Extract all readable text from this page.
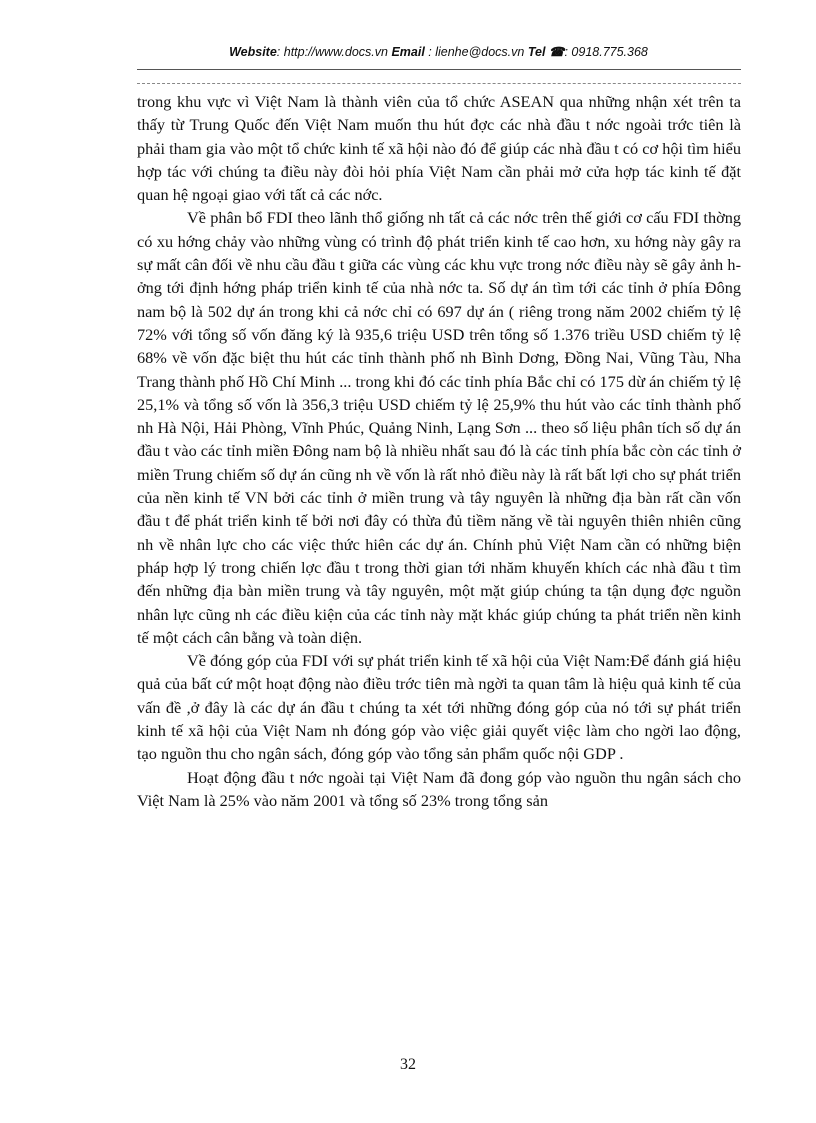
Website: http://www.docs.vn Email : lienhe@docs.vn Tel ☎: 0918.775.368

trong khu vực vì Việt Nam là thành viên của tổ chức ASEAN qua những nhận xét trên ta thấy từ Trung Quốc đến Việt Nam muốn thu hút đợc các nhà đầu t nớc ngoài trớc tiên là phải tham gia vào một tổ chức kinh tế xã hội nào đó để giúp các nhà đầu t có cơ hội tìm hiểu hợp tác với chúng ta điều này đòi hỏi phía Việt Nam cần phải mở cửa hợp tác kinh tế đặt quan hệ ngoại giao với tất cả các nớc.

Về phân bổ FDI theo lãnh thổ giống nh tất cả các nớc trên thế giới cơ cấu FDI thờng có xu hớng chảy vào những vùng có trình độ phát triển kinh tế cao hơn, xu hớng này gây ra sự mất cân đối về nhu cầu đầu t giữa các vùng các khu vực trong nớc điều này sẽ gây ảnh hởng tới định hớng pháp triển kinh tế của nhà nớc ta. Số dự án tìm tới các tỉnh ở phía Đông nam bộ là 502 dự án trong khi cả nớc chỉ có 697 dự án ( riêng trong năm 2002 chiếm tỷ lệ 72% với tổng số vốn đăng ký là 935,6 triệu USD trên tổng số 1.376 triều USD chiếm tỷ lệ 68% về vốn đặc biệt thu hút các tỉnh thành phố nh Bình Dơng, Đồng Nai, Vũng Tàu, Nha Trang thành phố Hồ Chí Minh ... trong khi đó các tỉnh phía Bắc chỉ có 175 dừ án chiếm tỷ lệ 25,1% và tổng số vốn là 356,3 triệu USD chiếm tỷ lệ 25,9% thu hút vào các tỉnh thành phố nh Hà Nội, Hải Phòng, Vĩnh Phúc, Quảng Ninh, Lạng Sơn ... theo số liệu phân tích số dự án đầu t vào các tỉnh miền Đông nam bộ là nhiều nhất sau đó là các tỉnh phía bắc còn các tỉnh ở miền Trung chiếm số dự án cũng nh về vốn là rất nhỏ điều này là rất bất lợi cho sự phát triển của nền kinh tế VN bởi các tỉnh ở miền trung và tây nguyên là những địa bàn rất cần vốn đầu t để phát triển kinh tế bởi nơi đây có thừa đủ tiềm năng về tài nguyên thiên nhiên cũng nh về nhân lực cho các việc thức hiên các dự án. Chính phủ Việt Nam cần có những biện pháp hợp lý trong chiến lợc đầu t trong thời gian tới nhăm khuyến khích các nhà đầu t tìm đến những địa bàn miền trung và tây nguyên, một mặt giúp chúng ta tận dụng đợc nguồn nhân lực cũng nh các điều kiện của các tỉnh này mặt khác giúp chúng ta phát triển nền kinh tế một cách cân bằng và toàn diện.

Về đóng góp của FDI với sự phát triển kinh tế xã hội của Việt Nam:Để đánh giá hiệu quả của bất cứ một hoạt động nào điều trớc tiên mà ngời ta quan tâm là hiệu quả kinh tế của vấn đề ,ở đây là các dự án đầu t chúng ta xét tới những đóng góp của nó tới sự phát triển kinh tế xã hội của Việt Nam nh đóng góp vào việc giải quyết việc làm cho ngời lao động, tạo nguồn thu cho ngân sách, đóng góp vào tổng sản phẩm quốc nội GDP .

Hoạt động đầu t nớc ngoài tại Việt Nam đã đong góp vào nguồn thu ngân sách cho Việt Nam là 25% vào năm 2001 và tổng số 23% trong tổng sản

32
